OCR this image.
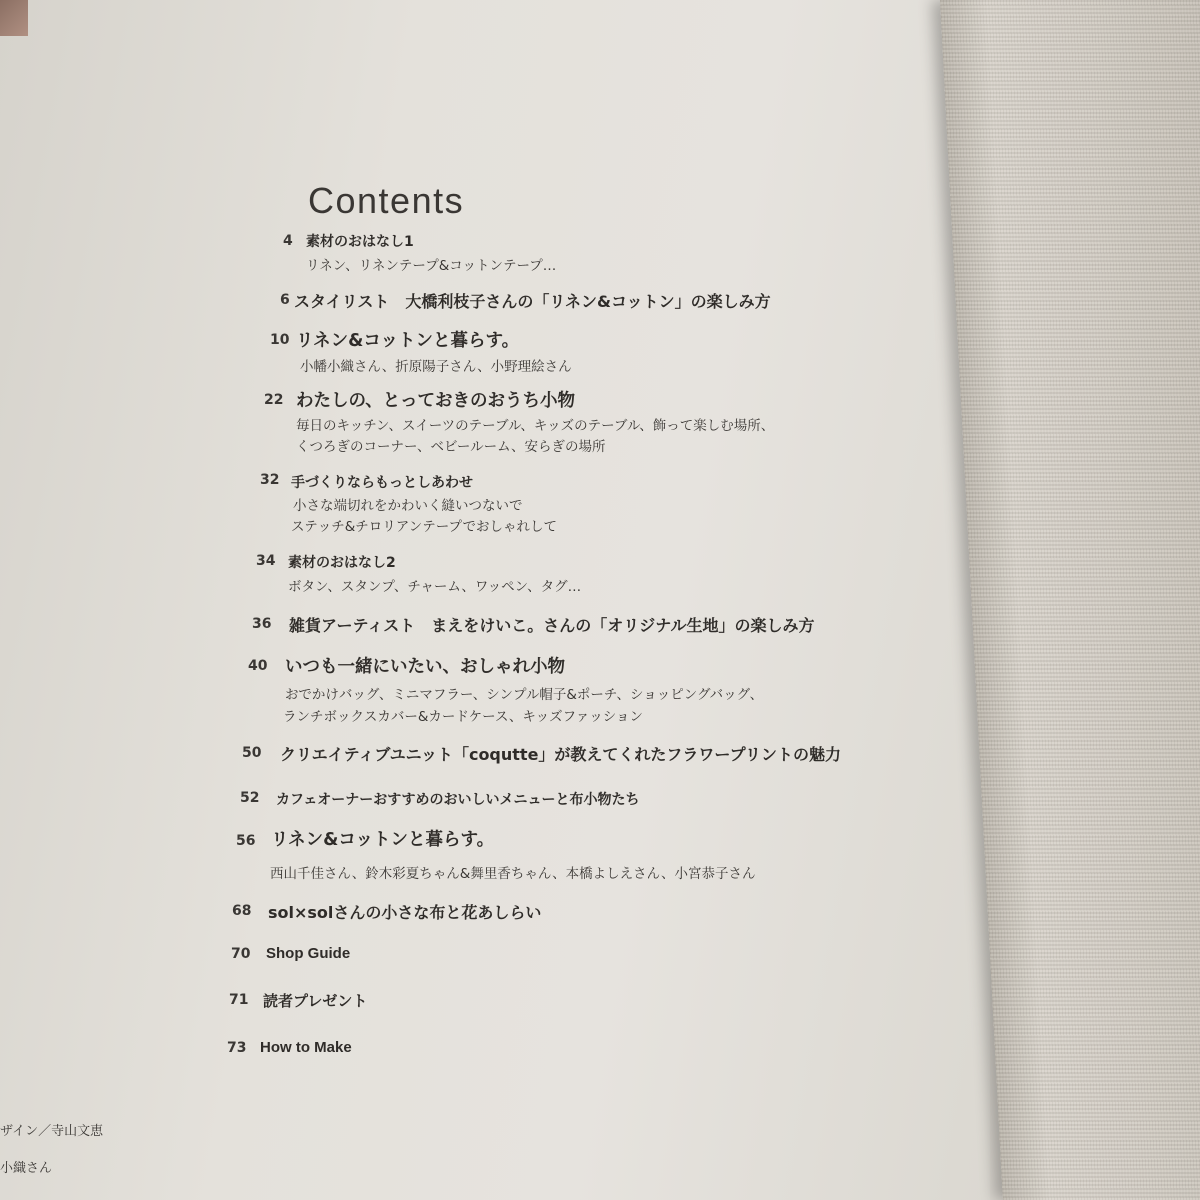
Contents
4 素材のおはなし1
リネン、リネンテープ&コットンテープ…
6 スタイリスト　大橋利枝子さんの「リネン&コットン」の楽しみ方
10 リネン&コットンと暮らす。
小幡小織さん、折原陽子さん、小野理絵さん
22 わたしの、とっておきのおうち小物
毎日のキッチン、スイーツのテーブル、キッズのテーブル、飾って楽しむ場所、
くつろぎのコーナー、ベビールーム、安らぎの場所
32 手づくりならもっとしあわせ
小さな端切れをかわいく縫いつないで
ステッチ&チロリアンテープでおしゃれして
34 素材のおはなし2
ボタン、スタンプ、チャーム、ワッペン、タグ…
36 雑貨アーティスト　まえをけいこ。さんの「オリジナル生地」の楽しみ方
40 いつも一緒にいたい、おしゃれ小物
おでかけバッグ、ミニマフラー、シンプル帽子&ポーチ、ショッピングバッグ、
ランチボックスカバー&カードケース、キッズファッション
50 クリエイティブユニット「coqutte」が教えてくれたフラワープリントの魅力
52 カフェオーナーおすすめのおいしいメニューと布小物たち
56 リネン&コットンと暮らす。
西山千佳さん、鈴木彩夏ちゃん&舞里香ちゃん、本橋よしえさん、小宮恭子さん
68 sol×solさんの小さな布と花あしらい
70 Shop Guide
71 読者プレゼント
73 How to Make
ザイン／寺山文恵
小織さん
